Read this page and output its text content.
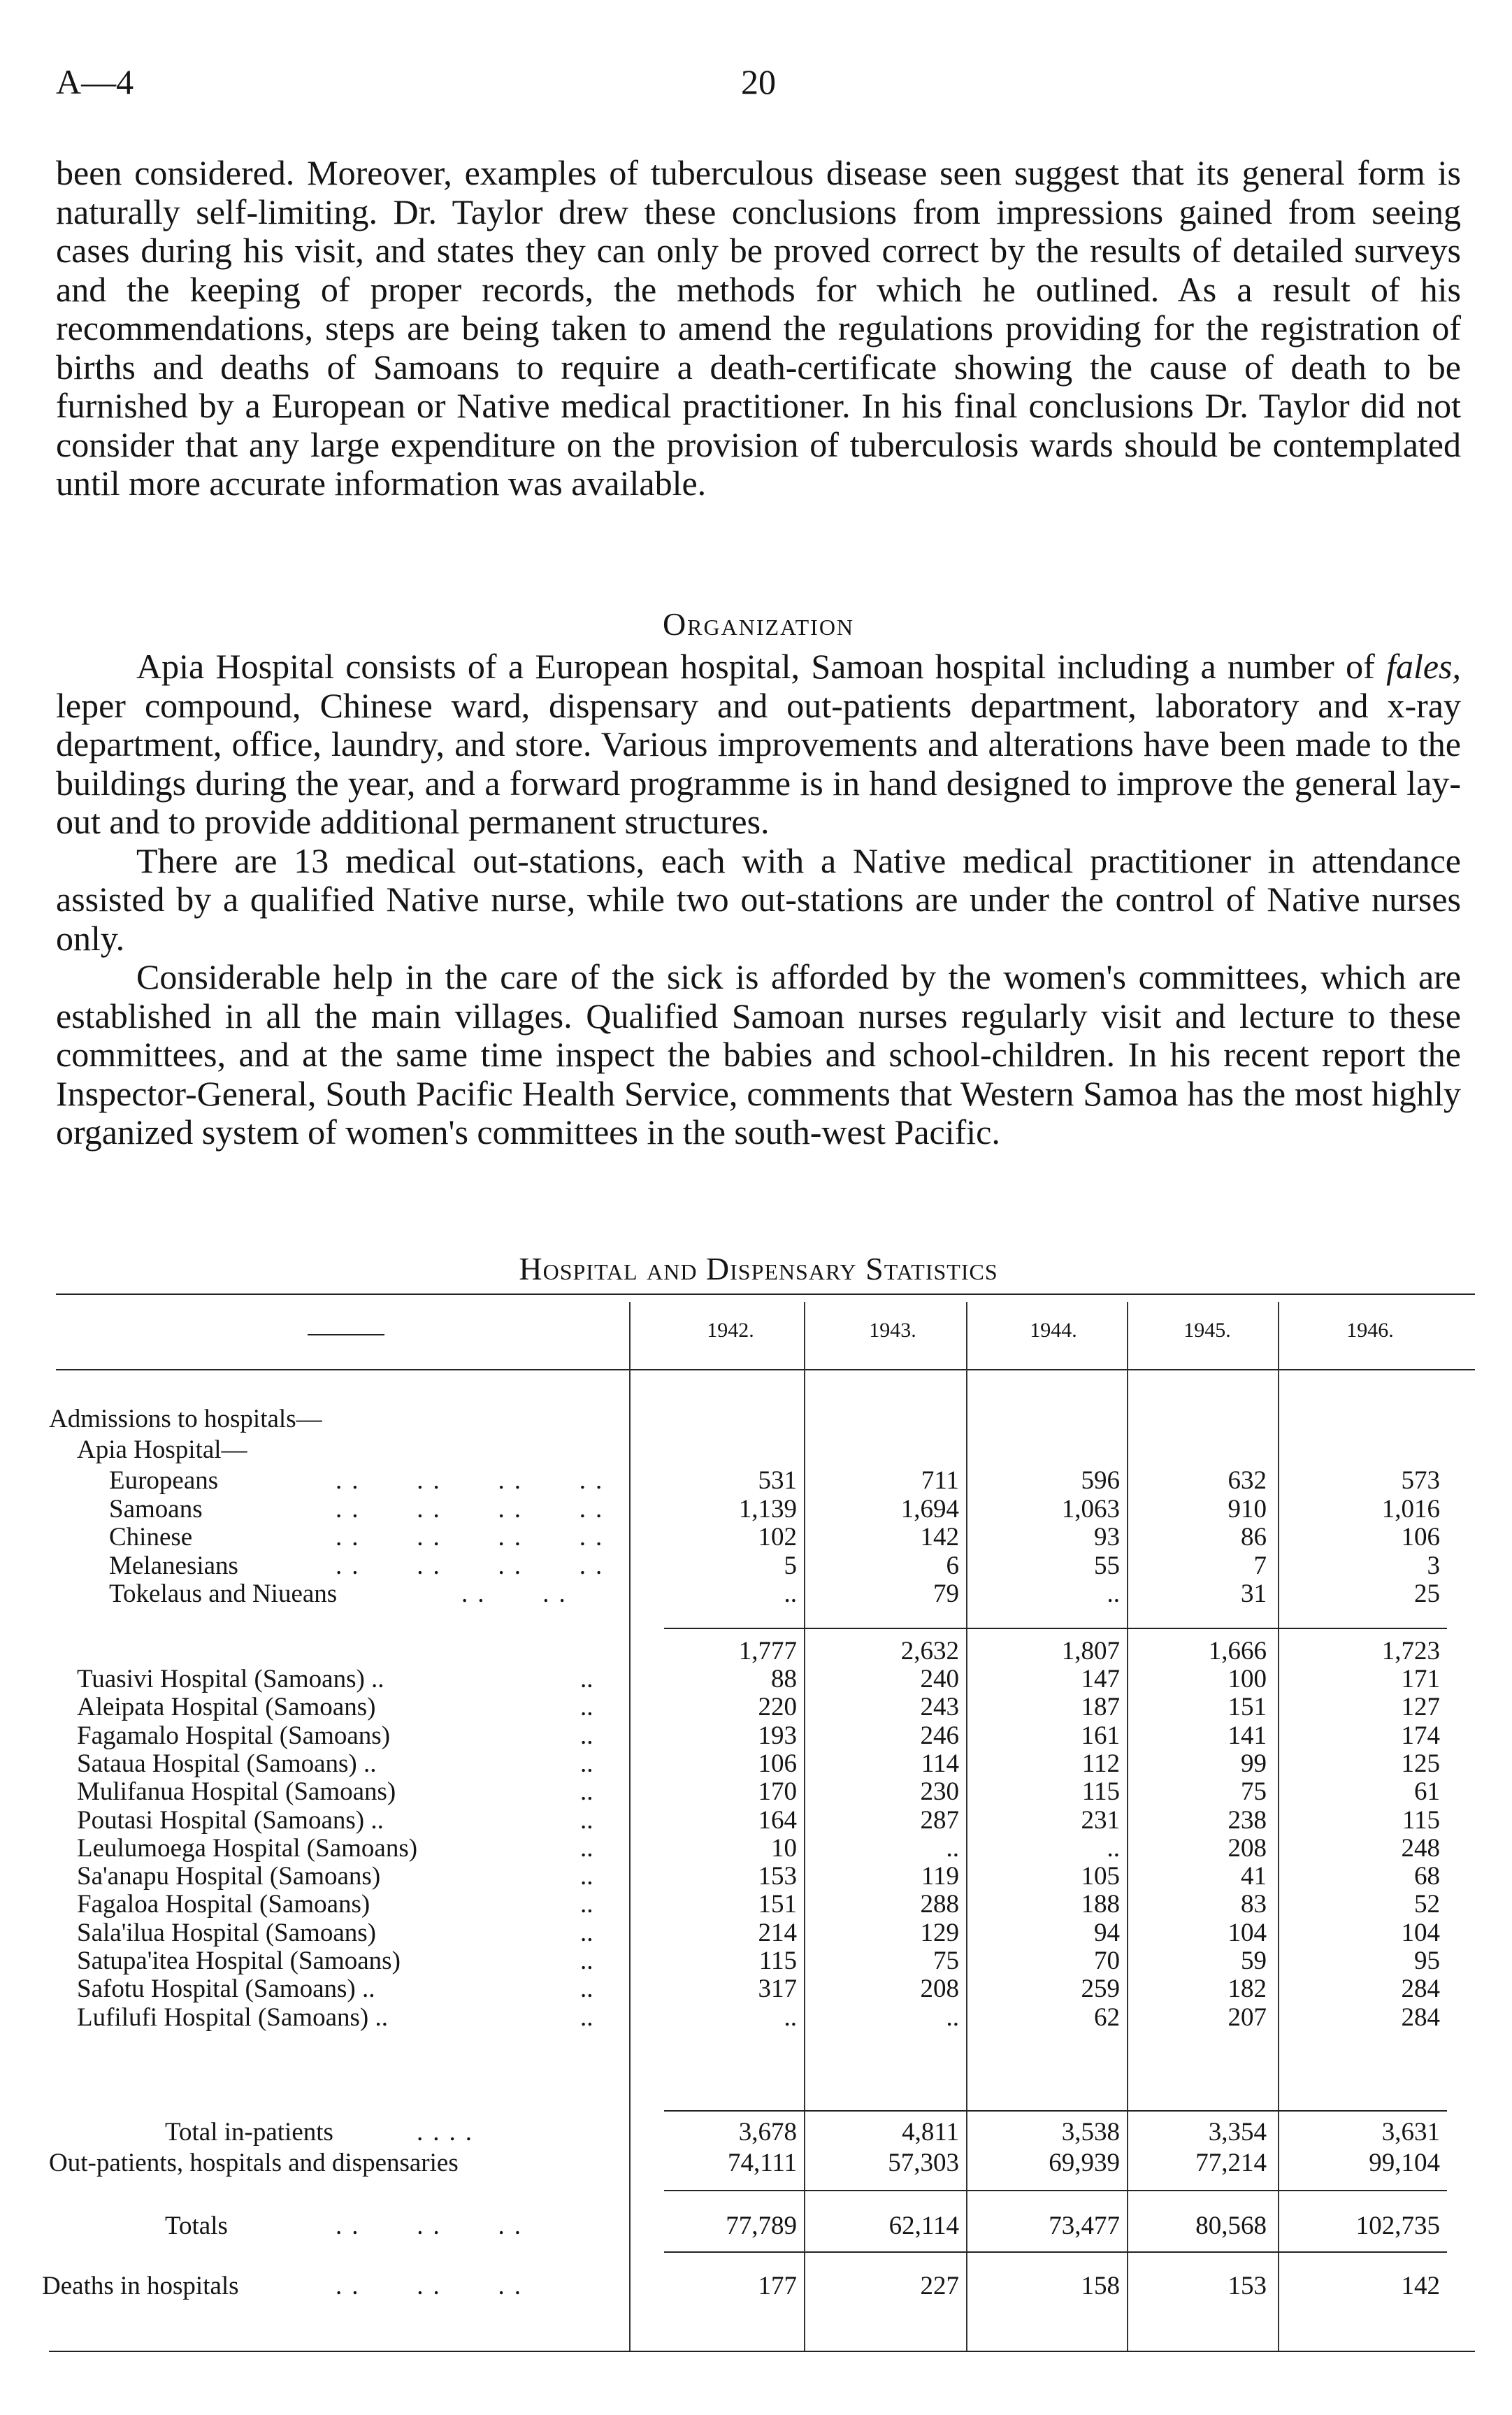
A—4	20

been considered. Moreover, examples of tuberculous disease seen suggest that its general form is naturally self-limiting. Dr. Taylor drew these conclusions from impressions gained from seeing cases during his visit, and states they can only be proved correct by the results of detailed surveys and the keeping of proper records, the methods for which he outlined. As a result of his recommendations, steps are being taken to amend the regulations providing for the registration of births and deaths of Samoans to require a death-certificate showing the cause of death to be furnished by a European or Native medical practitioner. In his final conclusions Dr. Taylor did not consider that any large expenditure on the provision of tuberculosis wards should be contemplated until more accurate information was available.

Organization

Apia Hospital consists of a European hospital, Samoan hospital including a number of fales, leper compound, Chinese ward, dispensary and out-patients department, laboratory and x-ray department, office, laundry, and store. Various improvements and alterations have been made to the buildings during the year, and a forward programme is in hand designed to improve the general lay-out and to provide additional permanent structures.

There are 13 medical out-stations, each with a Native medical practitioner in attendance assisted by a qualified Native nurse, while two out-stations are under the control of Native nurses only.

Considerable help in the care of the sick is afforded by the women's committees, which are established in all the main villages. Qualified Samoan nurses regularly visit and lecture to these committees, and at the same time inspect the babies and school-children. In his recent report the Inspector-General, South Pacific Health Service, comments that Western Samoa has the most highly organized system of women's committees in the south-west Pacific.

Hospital and Dispensary Statistics
1942.	1943.	1944.	1945.	1946.
Admissions to hospitals—
Apia Hospital—
Europeans	..   ..   ..   ..	531	711	596	632	573
Samoans	..   ..   ..   ..	1,139	1,694	1,063	910	1,016
Chinese	..   ..   ..   ..	102	142	93	86	106
Melanesians	..   ..   ..   ..	5	6	55	7	3
Tokelaus and Niueans	..   ..	..	79	..	31	25
1,777	2,632	1,807	1,666	1,723
Tuasivi Hospital (Samoans) ..	..	88	240	147	100	171
Aleipata Hospital (Samoans)	..	220	243	187	151	127
Fagamalo Hospital (Samoans)	..	193	246	161	141	174
Sataua Hospital (Samoans) ..	..	106	114	112	99	125
Mulifanua Hospital (Samoans)	..	170	230	115	75	61
Poutasi Hospital (Samoans) ..	..	164	287	231	238	115
Leulumoega Hospital (Samoans)	..	10	..	..	208	248
Sa'anapu Hospital (Samoans)	..	153	119	105	41	68
Fagaloa Hospital (Samoans)	..	151	288	188	83	52
Sala'ilua Hospital (Samoans)	..	214	129	94	104	104
Satupa'itea Hospital (Samoans)	..	115	75	70	59	95
Safotu Hospital (Samoans) ..	..	317	208	259	182	284
Lufilufi Hospital (Samoans) ..	..	..	..	62	207	284
Total in-patients	....	3,678	4,811	3,538	3,354	3,631
Out-patients, hospitals and dispensaries	74,111	57,303	69,939	77,214	99,104
Totals	..   ..   ..	77,789	62,114	73,477	80,568	102,735
Deaths in hospitals	..   ..   ..	177	227	158	153	142
